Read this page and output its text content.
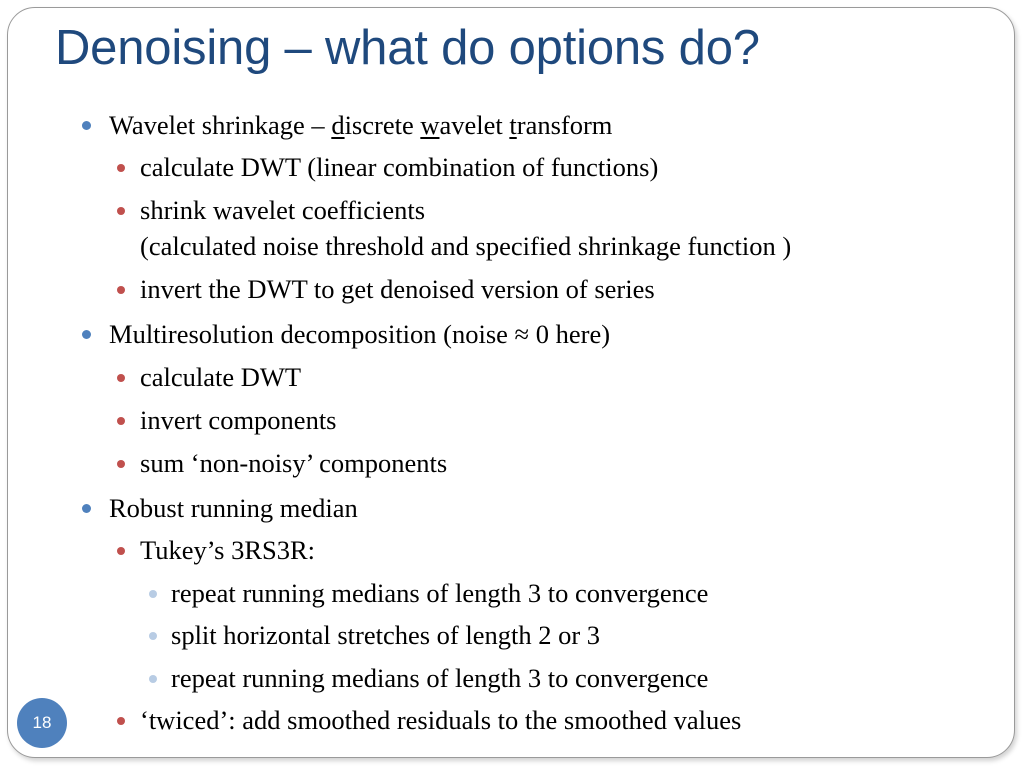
Denoising – what do options do?
Wavelet shrinkage – discrete wavelet transform
calculate DWT (linear combination of functions)
shrink wavelet coefficients
(calculated noise threshold and specified shrinkage function )
invert the DWT to get denoised version of series
Multiresolution decomposition (noise ≈ 0 here)
calculate DWT
invert components
sum ‘non-noisy’ components
Robust running median
Tukey’s 3RS3R:
repeat running medians of length 3 to convergence
split horizontal stretches of length 2 or 3
repeat running medians of length 3 to convergence
‘twiced’: add smoothed residuals to the smoothed values
18
